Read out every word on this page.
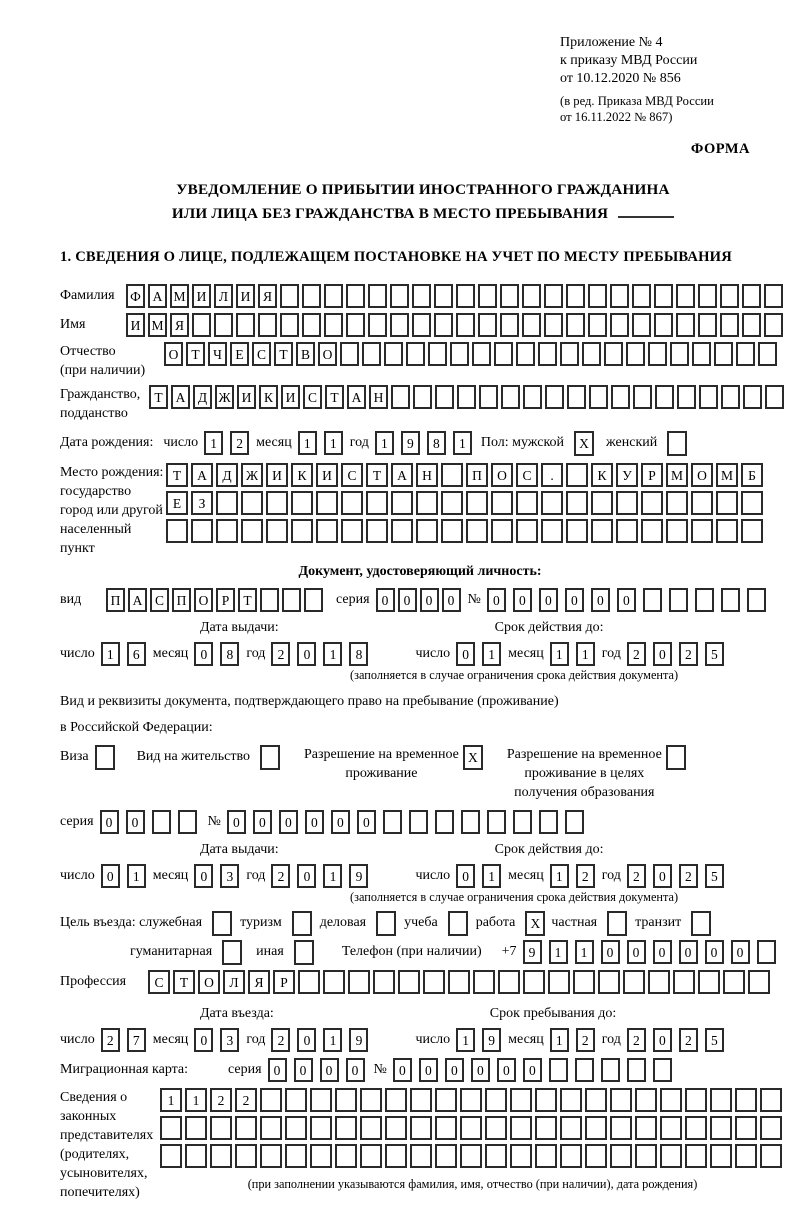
Приложение № 4
к приказу МВД России
от 10.12.2020 № 856
(в ред. Приказа МВД России
от 16.11.2022 № 867)
ФОРМА
УВЕДОМЛЕНИЕ О ПРИБЫТИИ ИНОСТРАННОГО ГРАЖДАНИНА
ИЛИ ЛИЦА БЕЗ ГРАЖДАНСТВА В МЕСТО ПРЕБЫВАНИЯ
1. СВЕДЕНИЯ О ЛИЦЕ, ПОДЛЕЖАЩЕМ ПОСТАНОВКЕ НА УЧЕТ ПО МЕСТУ ПРЕБЫВАНИЯ
Фамилия	Ф А М И Л И Я
Имя	И М Я
Отчество
(при наличии)
О Т Ч Е С Т В О
Гражданство,
подданство
Т А Д Ж И К И С Т А Н
Дата рождения: число 1	2 месяц 1	1 год 1	9	8	1	Пол: мужской	X	женский
Место рождения:
государство
город или другой
населенный пункт
Т	А	Д	Ж	И	К	И	С	Т	А	Н	П	О	С	.	К	У	Р	М	О	М	Б
Е	З
Документ, удостоверяющий личность:
вид	П А С П О Р	Т	серия 0	0	0	0 № 0	0	0	0	0	0
Дата выдачи:	Срок действия до:
число 1	6 месяц 0	8 год 2	0	1	8	число 0	1 месяц 1	1 год 2	0	2	5
(заполняется в случае ограничения срока действия документа)
Вид и реквизиты документа, подтверждающего право на пребывание (проживание)
в Российской Федерации:
Виза	Вид на жительство	Разрешение на временное
проживание
X	Разрешение на временное
проживание в целях
получения образования
серия 0	0	№ 0	0	0	0	0	0
Дата выдачи:	Срок действия до:
число 0	1 месяц 0	3 год 2	0	1	9	число 0	1 месяц 1	2 год 2	0	2	5
(заполняется в случае ограничения срока действия документа)
Цель въезда: служебная	туризм	деловая	учеба	работа	X частная	транзит
гуманитарная	иная	Телефон (при наличии) +7 9	1	1	0	0	0	0	0	0
Профессия	С	Т	О	Л	Я	Р
Дата въезда:	Срок пребывания до:
число 2	7 месяц 0	3 год 2	0	1	9	число 1	9 месяц 1	2 год 2	0	2	5
Миграционная карта:	серия 0	0	0	0	№ 0	0	0	0	0	0
Сведения о
законных
представителях
(родителях,
усыновителях,
попечителях)
1	1	2	2
(при заполнении указываются фамилия, имя, отчество (при наличии), дата рождения)
